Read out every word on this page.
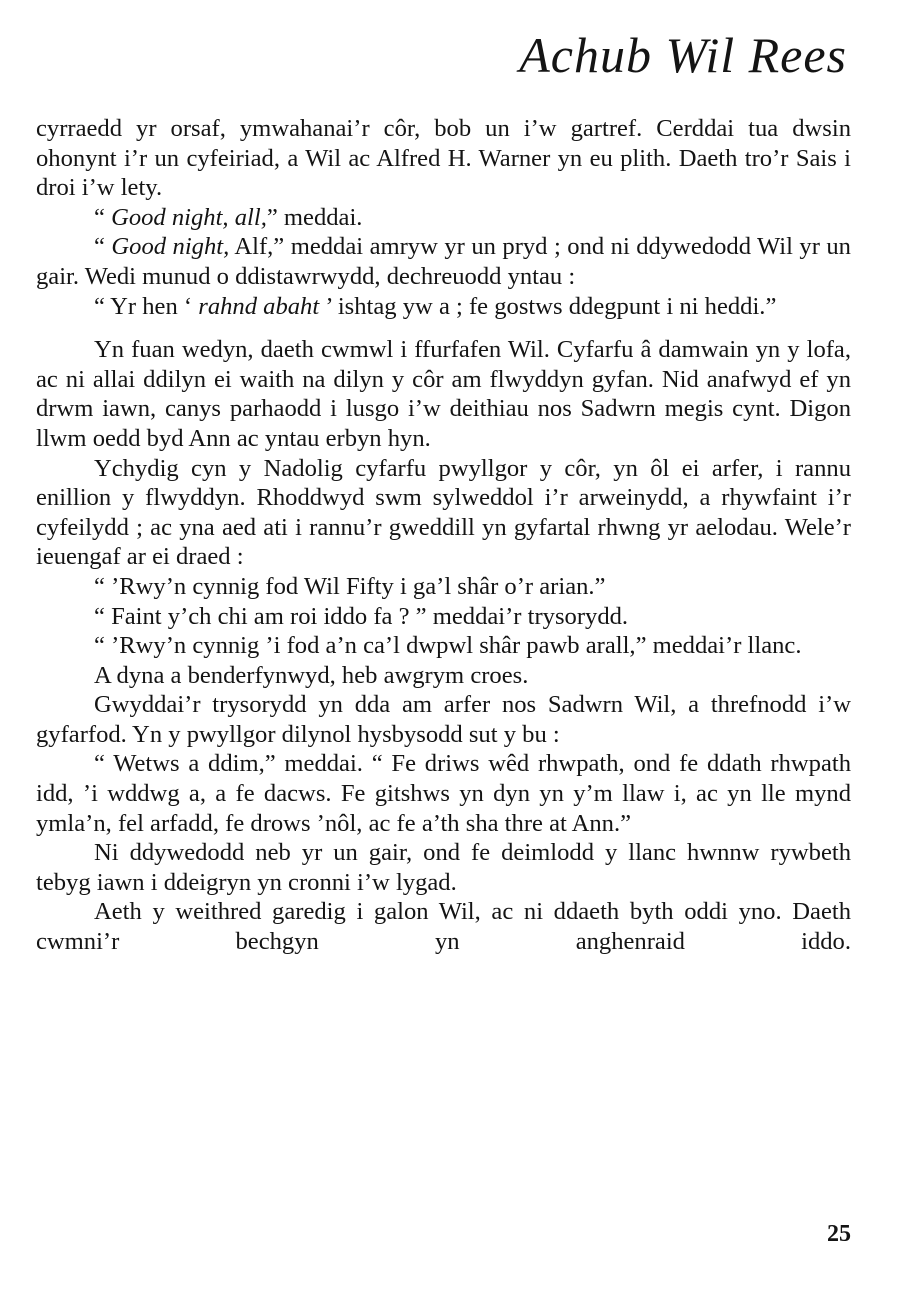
Achub Wil Rees

cyrraedd yr orsaf, ymwahanai’r côr, bob un i’w gartref. Cerddai tua dwsin ohonynt i’r un cyfeiriad, a Wil ac Alfred H. Warner yn eu plith. Daeth tro’r Sais i droi i’w lety.

“ Good night, all,” meddai.

“ Good night, Alf,” meddai amryw yr un pryd ; ond ni ddywedodd Wil yr un gair. Wedi munud o ddistawrwydd, dechreuodd yntau :

“ Yr hen ‘ rahnd abaht ’ ishtag yw a ; fe gostws ddegpunt i ni heddi.”

Yn fuan wedyn, daeth cwmwl i ffurfafen Wil. Cyfarfu â damwain yn y lofa, ac ni allai ddilyn ei waith na dilyn y côr am flwyddyn gyfan. Nid anafwyd ef yn drwm iawn, canys parhaodd i lusgo i’w deithiau nos Sadwrn megis cynt. Digon llwm oedd byd Ann ac yntau erbyn hyn.

Ychydig cyn y Nadolig cyfarfu pwyllgor y côr, yn ôl ei arfer, i rannu enillion y flwyddyn. Rhoddwyd swm sylweddol i’r arweinydd, a rhywfaint i’r cyfeilydd ; ac yna aed ati i rannu’r gweddill yn gyfartal rhwng yr aelodau. Wele’r ieuengaf ar ei draed :

“ ’Rwy’n cynnig fod Wil Fifty i ga’l shâr o’r arian.”

“ Faint y’ch chi am roi iddo fa ? ” meddai’r trysorydd.

“ ’Rwy’n cynnig ’i fod a’n ca’l dwpwl shâr pawb arall,” meddai’r llanc.

A dyna a benderfynwyd, heb awgrym croes.

Gwyddai’r trysorydd yn dda am arfer nos Sadwrn Wil, a threfnodd i’w gyfarfod. Yn y pwyllgor dilynol hysbysodd sut y bu :

“ Wetws a ddim,” meddai. “ Fe driws wêd rhwpath, ond fe ddath rhwpath idd, ’i wddwg a, a fe dacws. Fe gitshws yn dyn yn y’m llaw i, ac yn lle mynd ymla’n, fel arfadd, fe drows ’nôl, ac fe a’th sha thre at Ann.”

Ni ddywedodd neb yr un gair, ond fe deimlodd y llanc hwnnw rywbeth tebyg iawn i ddeigryn yn cronni i’w lygad.

Aeth y weithred garedig i galon Wil, ac ni ddaeth byth oddi yno. Daeth cwmni’r bechgyn yn anghenraid iddo.

25
